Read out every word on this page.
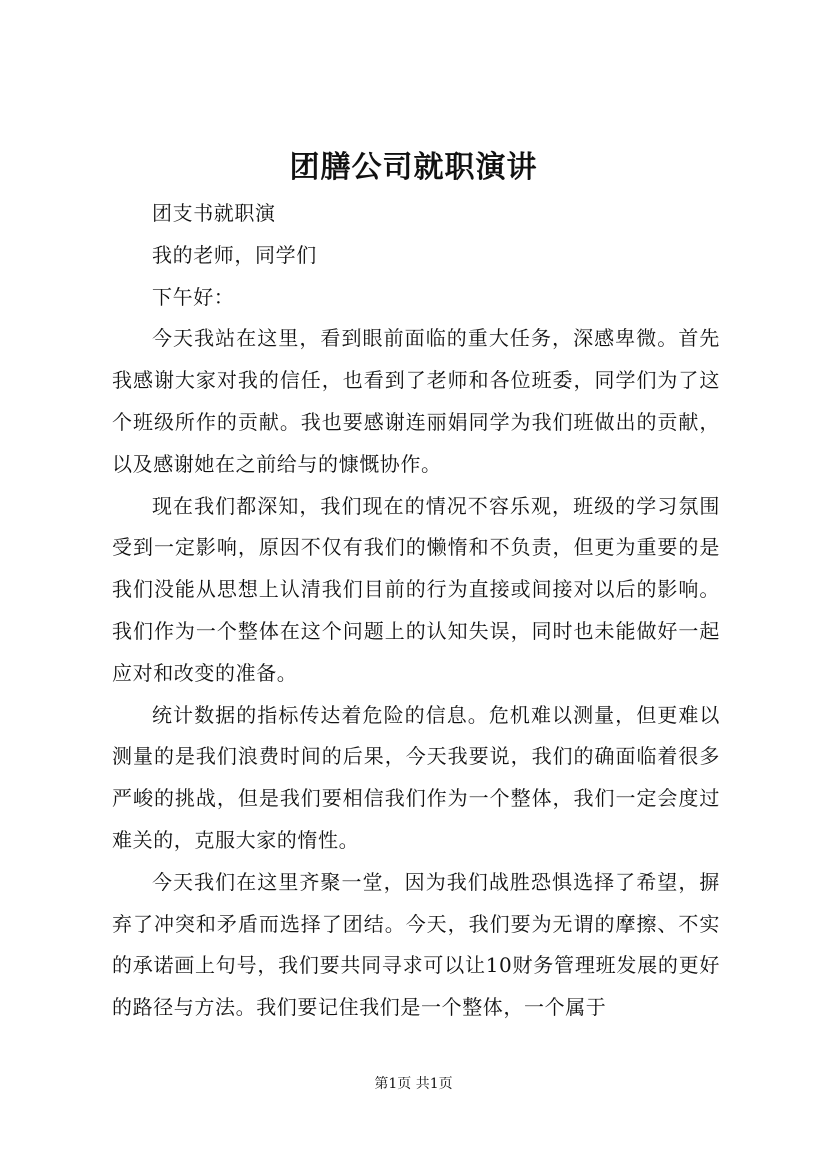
团膳公司就职演讲

团支书就职演

我的老师，同学们

下午好：

今天我站在这里，看到眼前面临的重大任务，深感卑微。首先我感谢大家对我的信任，也看到了老师和各位班委，同学们为了这个班级所作的贡献。我也要感谢连丽娟同学为我们班做出的贡献，以及感谢她在之前给与的慷慨协作。

现在我们都深知，我们现在的情况不容乐观，班级的学习氛围受到一定影响，原因不仅有我们的懒惰和不负责，但更为重要的是我们没能从思想上认清我们目前的行为直接或间接对以后的影响。我们作为一个整体在这个问题上的认知失误，同时也未能做好一起应对和改变的准备。

统计数据的指标传达着危险的信息。危机难以测量，但更难以测量的是我们浪费时间的后果，今天我要说，我们的确面临着很多严峻的挑战，但是我们要相信我们作为一个整体，我们一定会度过难关的，克服大家的惰性。

今天我们在这里齐聚一堂，因为我们战胜恐惧选择了希望，摒弃了冲突和矛盾而选择了团结。今天，我们要为无谓的摩擦、不实的承诺画上句号，我们要共同寻求可以让10财务管理班发展的更好的路径与方法。我们要记住我们是一个整体，一个属于

第1页 共1页
